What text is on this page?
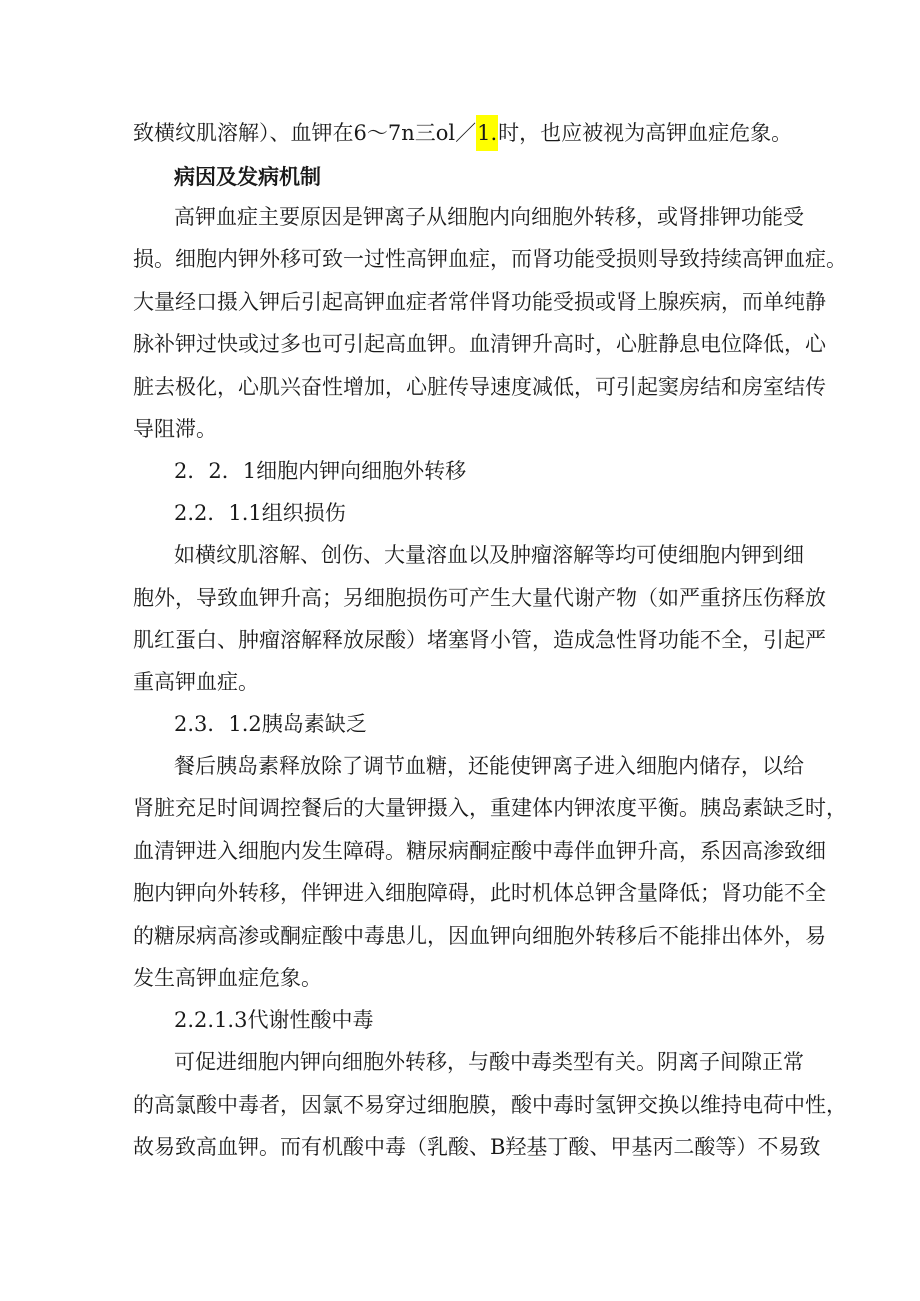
致横纹肌溶解）、血钾在6～7n三ol／1.时，也应被视为高钾血症危象。
病因及发病机制
高钾血症主要原因是钾离子从细胞内向细胞外转移，或肾排钾功能受
损。细胞内钾外移可致一过性高钾血症，而肾功能受损则导致持续高钾血症。
大量经口摄入钾后引起高钾血症者常伴肾功能受损或肾上腺疾病，而单纯静
脉补钾过快或过多也可引起高血钾。血清钾升高时，心脏静息电位降低，心
脏去极化，心肌兴奋性增加，心脏传导速度减低，可引起窦房结和房室结传
导阻滞。
2．2．1细胞内钾向细胞外转移
2.2．1.1组织损伤
如横纹肌溶解、创伤、大量溶血以及肿瘤溶解等均可使细胞内钾到细
胞外，导致血钾升高；另细胞损伤可产生大量代谢产物（如严重挤压伤释放
肌红蛋白、肿瘤溶解释放尿酸）堵塞肾小管，造成急性肾功能不全，引起严
重高钾血症。
2.3．1.2胰岛素缺乏
餐后胰岛素释放除了调节血糖，还能使钾离子进入细胞内储存，以给
肾脏充足时间调控餐后的大量钾摄入，重建体内钾浓度平衡。胰岛素缺乏时，
血清钾进入细胞内发生障碍。糖尿病酮症酸中毒伴血钾升高，系因高渗致细
胞内钾向外转移，伴钾进入细胞障碍，此时机体总钾含量降低；肾功能不全
的糖尿病高渗或酮症酸中毒患儿，因血钾向细胞外转移后不能排出体外，易
发生高钾血症危象。
2.2.1.3代谢性酸中毒
可促进细胞内钾向细胞外转移，与酸中毒类型有关。阴离子间隙正常
的高氯酸中毒者，因氯不易穿过细胞膜，酸中毒时氢钾交换以维持电荷中性，
故易致高血钾。而有机酸中毒（乳酸、B羟基丁酸、甲基丙二酸等）不易致
